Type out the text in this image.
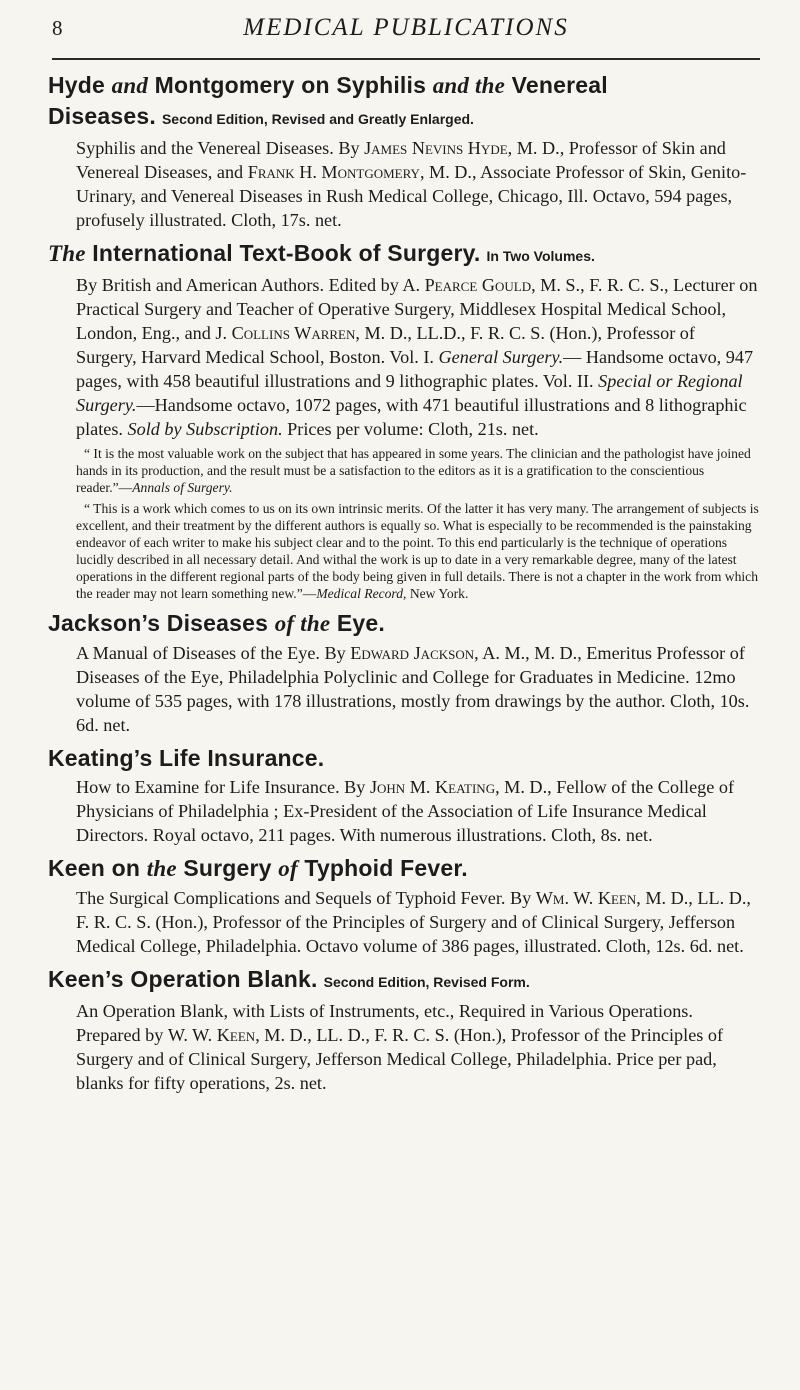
8	MEDICAL PUBLICATIONS
Hyde and Montgomery on Syphilis and the Venereal Diseases. Second Edition, Revised and Greatly Enlarged.

Syphilis and the Venereal Diseases. By James Nevins Hyde, M. D., Professor of Skin and Venereal Diseases, and Frank H. Montgomery, M. D., Associate Professor of Skin, Genito-Urinary, and Venereal Diseases in Rush Medical College, Chicago, Ill. Octavo, 594 pages, profusely illustrated. Cloth, 17s. net.

The International Text-Book of Surgery. In Two Volumes.

By British and American Authors. Edited by A. Pearce Gould, M. S., F. R. C. S., Lecturer on Practical Surgery and Teacher of Operative Surgery, Middlesex Hospital Medical School, London, Eng., and J. Collins Warren, M. D., LL.D., F. R. C. S. (Hon.), Professor of Surgery, Harvard Medical School, Boston. Vol. I. General Surgery.— Handsome octavo, 947 pages, with 458 beautiful illustrations and 9 lithographic plates. Vol. II. Special or Regional Surgery.—Handsome octavo, 1072 pages, with 471 beautiful illustrations and 8 lithographic plates. Sold by Subscription. Prices per volume: Cloth, 21s. net.

“ It is the most valuable work on the subject that has appeared in some years. The clinician and the pathologist have joined hands in its production, and the result must be a satisfaction to the editors as it is a gratification to the conscientious reader.”—Annals of Surgery.

“ This is a work which comes to us on its own intrinsic merits. Of the latter it has very many. The arrangement of subjects is excellent, and their treatment by the different authors is equally so. What is especially to be recommended is the painstaking endeavor of each writer to make his subject clear and to the point. To this end particularly is the technique of operations lucidly described in all necessary detail. And withal the work is up to date in a very remarkable degree, many of the latest operations in the different regional parts of the body being given in full details. There is not a chapter in the work from which the reader may not learn something new.”—Medical Record, New York.

Jackson’s Diseases of the Eye.

A Manual of Diseases of the Eye. By Edward Jackson, A. M., M. D., Emeritus Professor of Diseases of the Eye, Philadelphia Polyclinic and College for Graduates in Medicine. 12mo volume of 535 pages, with 178 illustrations, mostly from drawings by the author. Cloth, 10s. 6d. net.

Keating’s Life Insurance.

How to Examine for Life Insurance. By John M. Keating, M. D., Fellow of the College of Physicians of Philadelphia ; Ex-President of the Association of Life Insurance Medical Directors. Royal octavo, 211 pages. With numerous illustrations. Cloth, 8s. net.

Keen on the Surgery of Typhoid Fever.

The Surgical Complications and Sequels of Typhoid Fever. By Wm. W. Keen, M. D., LL. D., F. R. C. S. (Hon.), Professor of the Principles of Surgery and of Clinical Surgery, Jefferson Medical College, Philadelphia. Octavo volume of 386 pages, illustrated. Cloth, 12s. 6d. net.

Keen’s Operation Blank. Second Edition, Revised Form.

An Operation Blank, with Lists of Instruments, etc., Required in Various Operations. Prepared by W. W. Keen, M. D., LL. D., F. R. C. S. (Hon.), Professor of the Principles of Surgery and of Clinical Surgery, Jefferson Medical College, Philadelphia. Price per pad, blanks for fifty operations, 2s. net.
